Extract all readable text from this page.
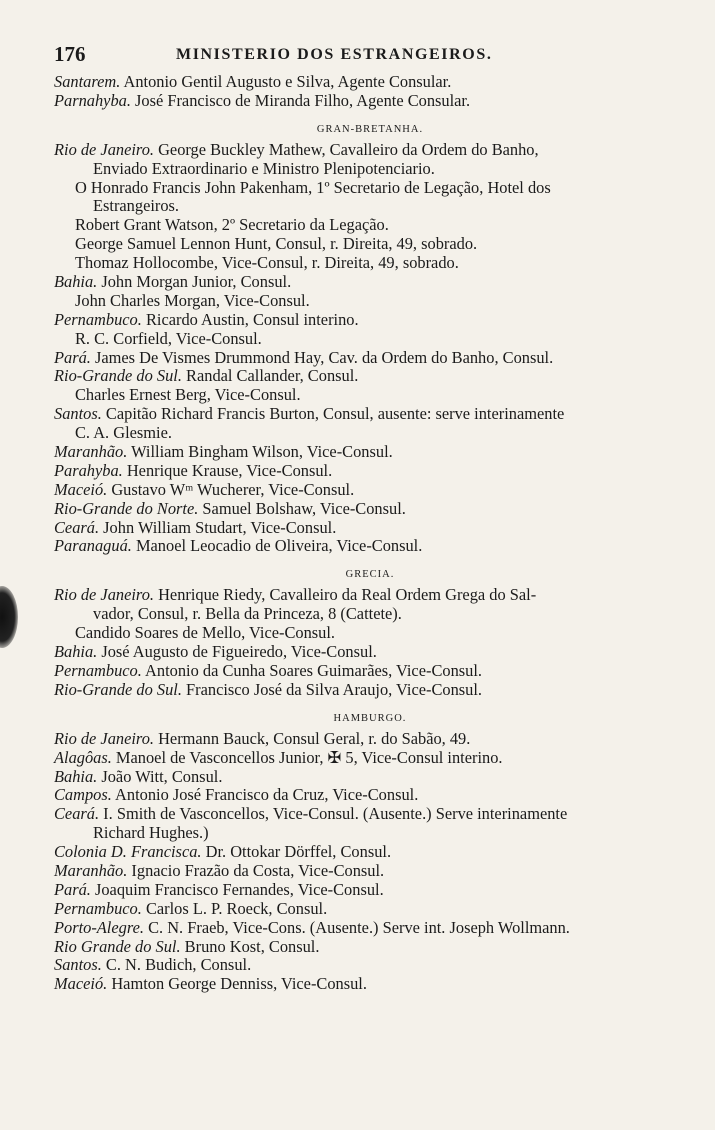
176	MINISTERIO DOS ESTRANGEIROS.
Santarem. Antonio Gentil Augusto e Silva, Agente Consular.
Parnahyba. José Francisco de Miranda Filho, Agente Consular.
GRAN-BRETANHA.
Rio de Janeiro. George Buckley Mathew, Cavalleiro da Ordem do Banho,
Enviado Extraordinario e Ministro Plenipotenciario.
O Honrado Francis John Pakenham, 1º Secretario de Legação, Hotel dos
Estrangeiros.
Robert Grant Watson, 2º Secretario da Legação.
George Samuel Lennon Hunt, Consul, r. Direita, 49, sobrado.
Thomaz Hollocombe, Vice-Consul, r. Direita, 49, sobrado.
Bahia. John Morgan Junior, Consul.
John Charles Morgan, Vice-Consul.
Pernambuco. Ricardo Austin, Consul interino.
R. C. Corfield, Vice-Consul.
Pará. James De Vismes Drummond Hay, Cav. da Ordem do Banho, Consul.
Rio-Grande do Sul. Randal Callander, Consul.
Charles Ernest Berg, Vice-Consul.
Santos. Capitão Richard Francis Burton, Consul, ausente: serve interinamente
C. A. Glesmie.
Maranhão. William Bingham Wilson, Vice-Consul.
Parahyba. Henrique Krause, Vice-Consul.
Maceió. Gustavo Wᵐ Wucherer, Vice-Consul.
Rio-Grande do Norte. Samuel Bolshaw, Vice-Consul.
Ceará. John William Studart, Vice-Consul.
Paranaguá. Manoel Leocadio de Oliveira, Vice-Consul.
GRECIA.
Rio de Janeiro. Henrique Riedy, Cavalleiro da Real Ordem Grega do Sal-
vador, Consul, r. Bella da Princeza, 8 (Cattete).
Candido Soares de Mello, Vice-Consul.
Bahia. José Augusto de Figueiredo, Vice-Consul.
Pernambuco. Antonio da Cunha Soares Guimarães, Vice-Consul.
Rio-Grande do Sul. Francisco José da Silva Araujo, Vice-Consul.
HAMBURGO.
Rio de Janeiro. Hermann Bauck, Consul Geral, r. do Sabão, 49.
Alagôas. Manoel de Vasconcellos Junior, ✠ 5, Vice-Consul interino.
Bahia. João Witt, Consul.
Campos. Antonio José Francisco da Cruz, Vice-Consul.
Ceará. I. Smith de Vasconcellos, Vice-Consul. (Ausente.) Serve interinamente
Richard Hughes.)
Colonia D. Francisca. Dr. Ottokar Dörffel, Consul.
Maranhão. Ignacio Frazão da Costa, Vice-Consul.
Pará. Joaquim Francisco Fernandes, Vice-Consul.
Pernambuco. Carlos L. P. Roeck, Consul.
Porto-Alegre. C. N. Fraeb, Vice-Cons. (Ausente.) Serve int. Joseph Wollmann.
Rio Grande do Sul. Bruno Kost, Consul.
Santos. C. N. Budich, Consul.
Maceió. Hamton George Denniss, Vice-Consul.
